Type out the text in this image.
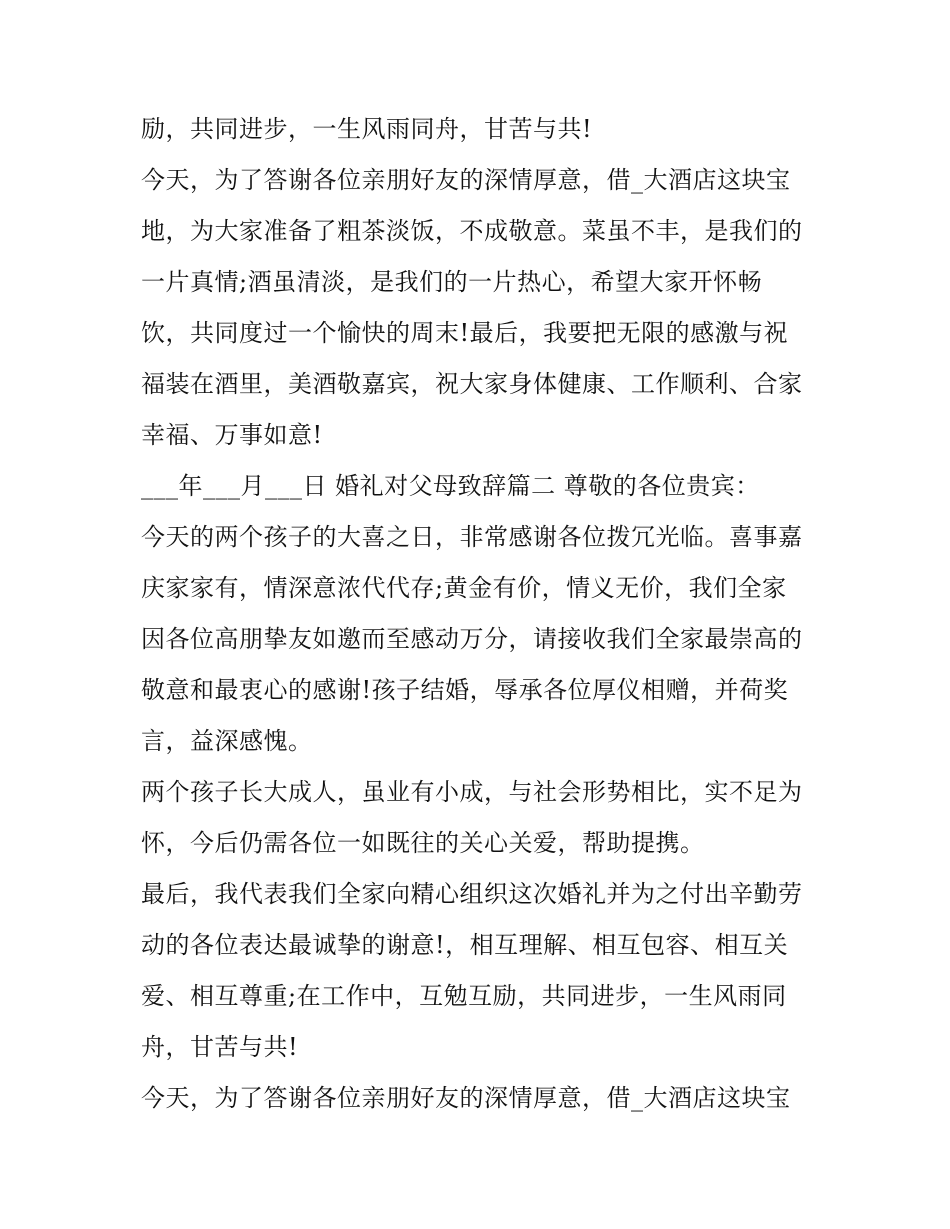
励，共同进步，一生风雨同舟，甘苦与共!
今天，为了答谢各位亲朋好友的深情厚意，借_大酒店这块宝
地，为大家准备了粗茶淡饭，不成敬意。菜虽不丰，是我们的
一片真情;酒虽清淡，是我们的一片热心，希望大家开怀畅
饮，共同度过一个愉快的周末!最后，我要把无限的感激与祝
福装在酒里，美酒敬嘉宾，祝大家身体健康、工作顺利、合家
幸福、万事如意!
___年___月___日 婚礼对父母致辞篇二 尊敬的各位贵宾：
今天的两个孩子的大喜之日，非常感谢各位拨冗光临。喜事嘉
庆家家有，情深意浓代代存;黄金有价，情义无价，我们全家
因各位高朋挚友如邀而至感动万分，请接收我们全家最崇高的
敬意和最衷心的感谢!孩子结婚，辱承各位厚仪相赠，并荷奖
言，益深感愧。
两个孩子长大成人，虽业有小成，与社会形势相比，实不足为
怀，今后仍需各位一如既往的关心关爱，帮助提携。
最后，我代表我们全家向精心组织这次婚礼并为之付出辛勤劳
动的各位表达最诚挚的谢意!，相互理解、相互包容、相互关
爱、相互尊重;在工作中，互勉互励，共同进步，一生风雨同
舟，甘苦与共!
今天，为了答谢各位亲朋好友的深情厚意，借_大酒店这块宝
